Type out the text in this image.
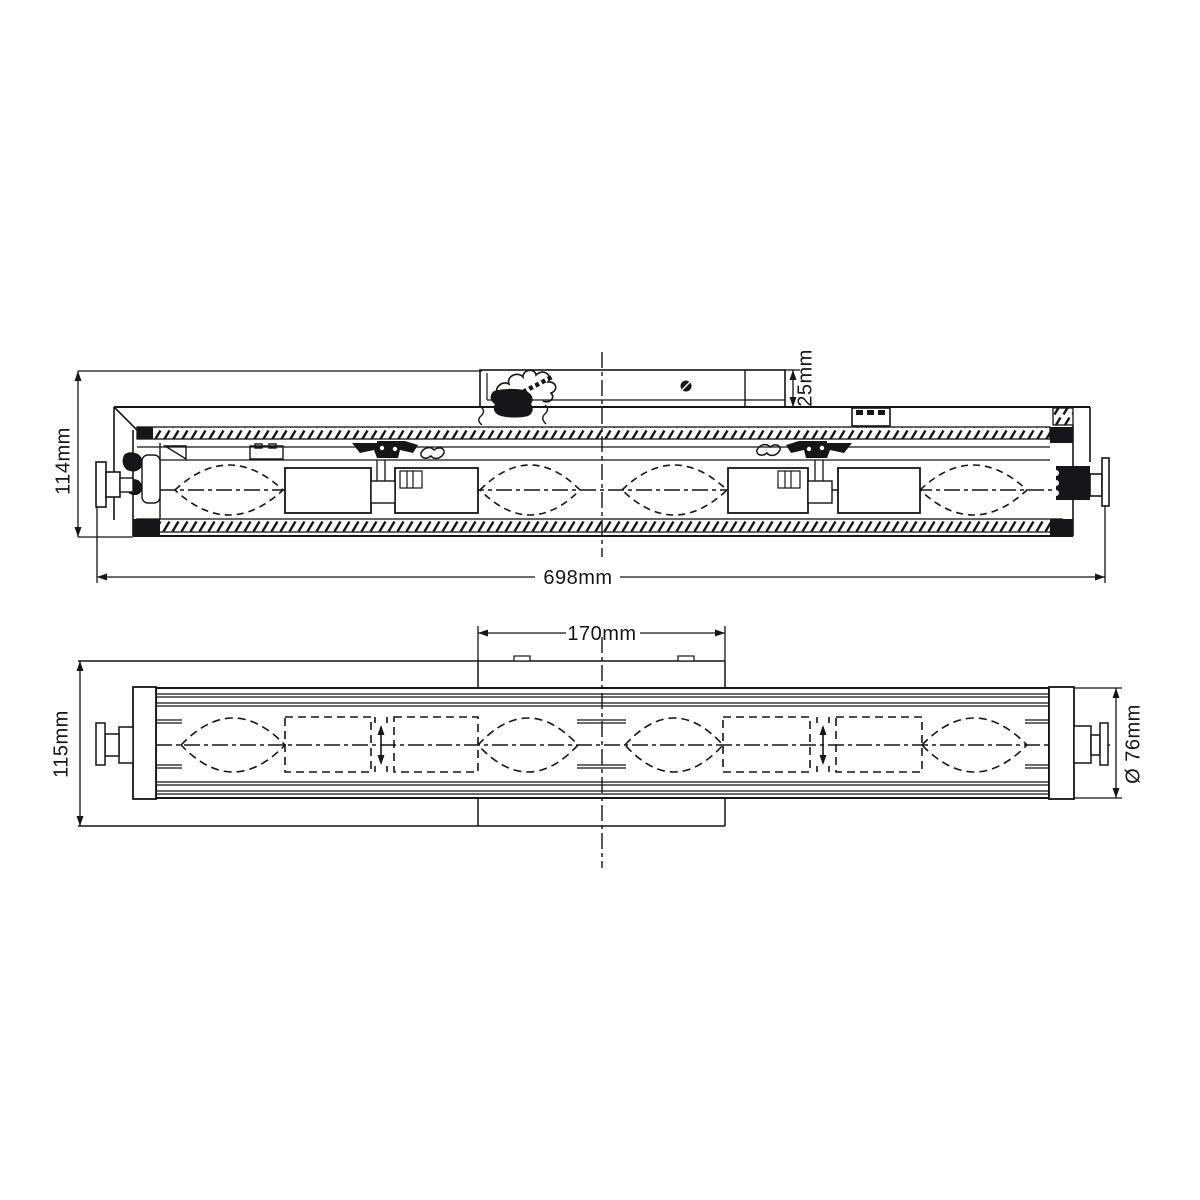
114mm
25mm
698mm
170mm
115mm	Ø 76mm
